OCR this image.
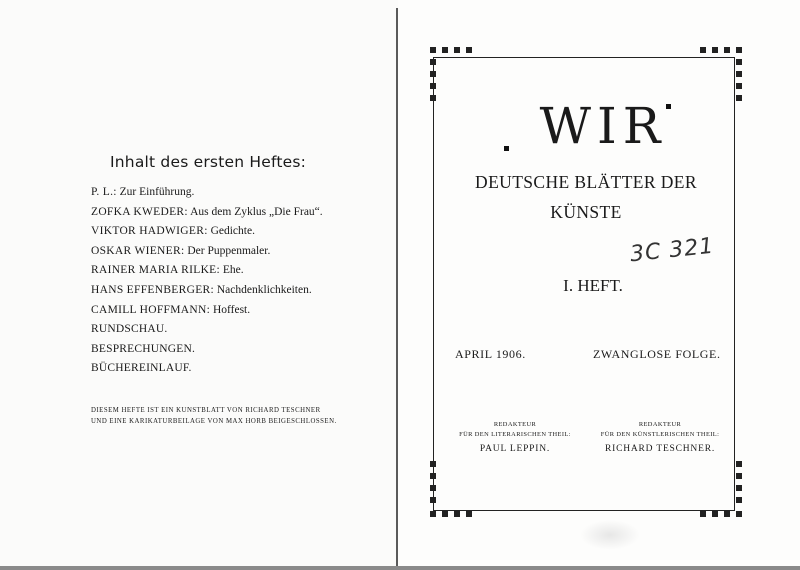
Inhalt des ersten Heftes:
P. L.: Zur Einführung.
ZOFKA KWEDER: Aus dem Zyklus „Die Frau“.
VIKTOR HADWIGER: Gedichte.
OSKAR WIENER: Der Puppenmaler.
RAINER MARIA RILKE: Ehe.
HANS EFFENBERGER: Nachdenklichkeiten.
CAMILL HOFFMANN: Hoffest.
RUNDSCHAU.
BESPRECHUNGEN.
BÜCHEREINLAUF.
DIESEM HEFTE IST EIN KUNSTBLATT VON RICHARD TESCHNER
UND EINE KARIKATURBEILAGE VON MAX HORB BEIGESCHLOSSEN.
WIR
DEUTSCHE BLÄTTER DER
KÜNSTE
3C 321
I. HEFT.
APRIL 1906.	ZWANGLOSE FOLGE.
REDAKTEUR
FÜR DEN LITERARISCHEN THEIL:
PAUL LEPPIN.
REDAKTEUR
FÜR DEN KÜNSTLERISCHEN THEIL:
RICHARD TESCHNER.
